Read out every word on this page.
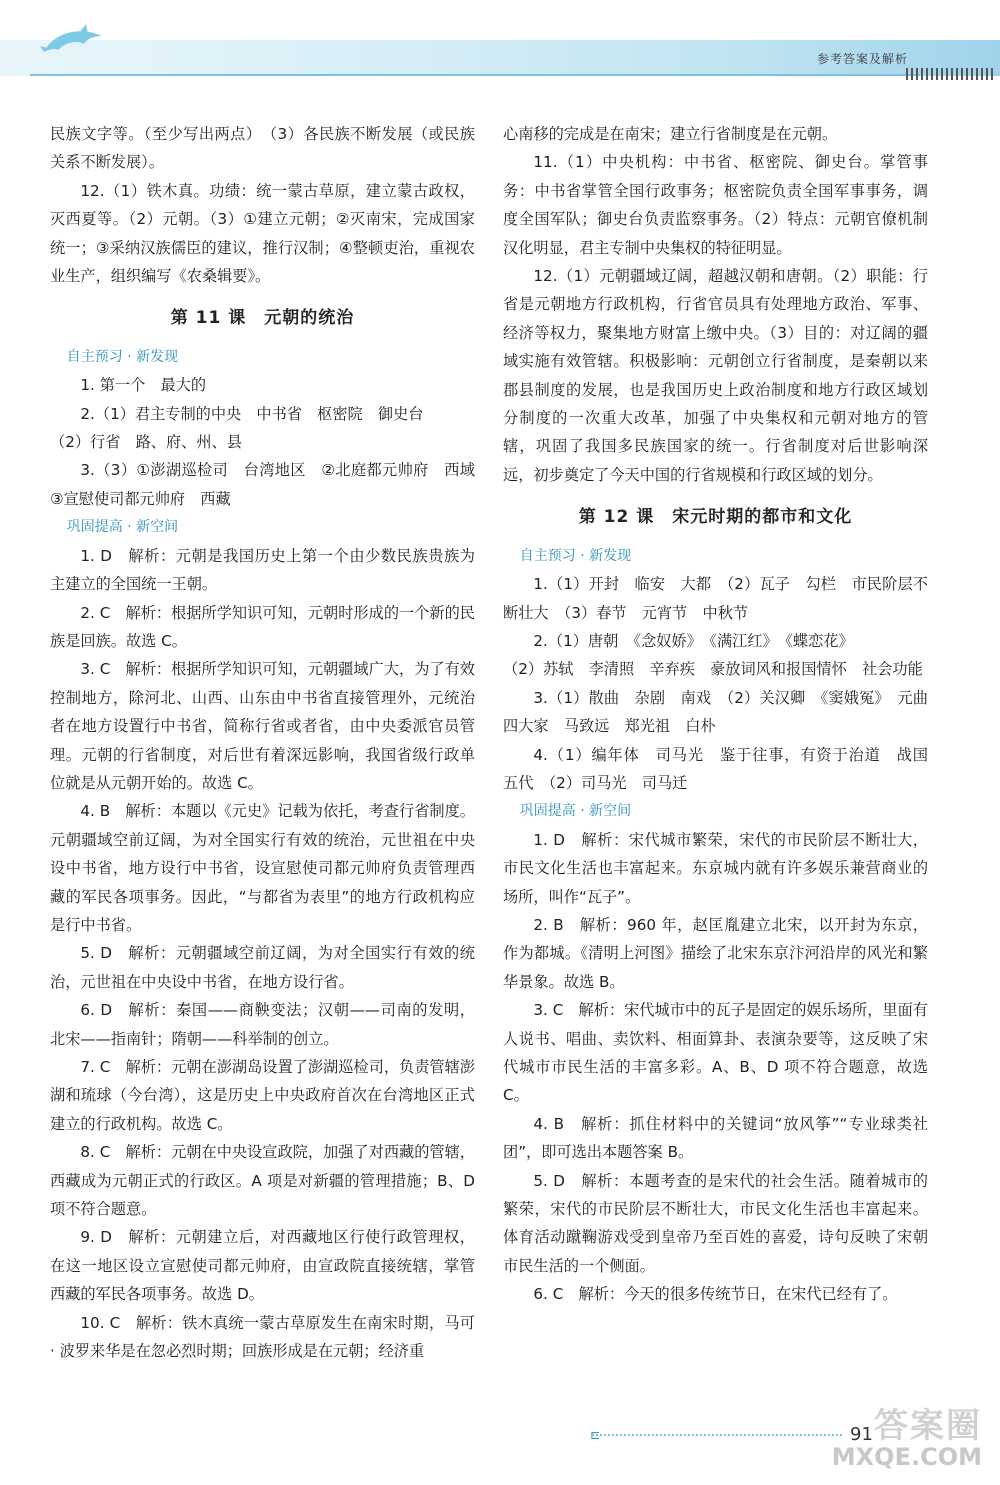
参考答案及解析

民族文字等。（至少写出两点）　（3）各民族不断发展（或民族关系不断发展）。

12.（1）铁木真。功绩：统一蒙古草原，建立蒙古政权，灭西夏等。（2）元朝。（3）①建立元朝；②灭南宋，完成国家统一；③采纳汉族儒臣的建议，推行汉制；④整顿吏治，重视农业生产，组织编写《农桑辑要》。

第 11 课　元朝的统治
自主预习 · 新发现

1. 第一个　最大的

2.（1）君主专制的中央　中书省　枢密院　御史台

（2）行省　路、府、州、县

3.（3）①澎湖巡检司　台湾地区　②北庭都元帅府　西域　③宣慰使司都元帅府　西藏

巩固提高 · 新空间

1. D　解析：元朝是我国历史上第一个由少数民族贵族为主建立的全国统一王朝。

2. C　解析：根据所学知识可知，元朝时形成的一个新的民族是回族。故选 C。

3. C　解析：根据所学知识可知，元朝疆域广大，为了有效控制地方，除河北、山西、山东由中书省直接管理外，元统治者在地方设置行中书省，简称行省或者省，由中央委派官员管理。元朝的行省制度，对后世有着深远影响，我国省级行政单位就是从元朝开始的。故选 C。

4. B　解析：本题以《元史》记载为依托，考查行省制度。元朝疆域空前辽阔，为对全国实行有效的统治，元世祖在中央设中书省，地方设行中书省，设宣慰使司都元帅府负责管理西藏的军民各项事务。因此，“与都省为表里”的地方行政机构应是行中书省。

5. D　解析：元朝疆域空前辽阔，为对全国实行有效的统治，元世祖在中央设中书省，在地方设行省。

6. D　解析：秦国——商鞅变法；汉朝——司南的发明，北宋——指南针；隋朝——科举制的创立。

7. C　解析：元朝在澎湖岛设置了澎湖巡检司，负责管辖澎湖和琉球（今台湾），这是历史上中央政府首次在台湾地区正式建立的行政机构。故选 C。

8. C　解析：元朝在中央设宣政院，加强了对西藏的管辖，西藏成为元朝正式的行政区。A 项是对新疆的管理措施；B、D 项不符合题意。

9. D　解析：元朝建立后，对西藏地区行使行政管理权，在这一地区设立宣慰使司都元帅府，由宣政院直接统辖，掌管西藏的军民各项事务。故选 D。

10. C　解析：铁木真统一蒙古草原发生在南宋时期，马可 · 波罗来华是在忽必烈时期；回族形成是在元朝；经济重

心南移的完成是在南宋；建立行省制度是在元朝。

11.（1）中央机构：中书省、枢密院、御史台。掌管事务：中书省掌管全国行政事务；枢密院负责全国军事事务，调度全国军队；御史台负责监察事务。（2）特点：元朝官僚机制汉化明显，君主专制中央集权的特征明显。

12.（1）元朝疆域辽阔，超越汉朝和唐朝。（2）职能：行省是元朝地方行政机构，行省官员具有处理地方政治、军事、经济等权力，聚集地方财富上缴中央。（3）目的：对辽阔的疆域实施有效管辖。积极影响：元朝创立行省制度，是秦朝以来郡县制度的发展，也是我国历史上政治制度和地方行政区域划分制度的一次重大改革，加强了中央集权和元朝对地方的管辖，巩固了我国多民族国家的统一。行省制度对后世影响深远，初步奠定了今天中国的行省规模和行政区域的划分。

第 12 课　宋元时期的都市和文化
自主预习 · 新发现

1.（1）开封　临安　大都　（2）瓦子　勾栏　市民阶层不断壮大　（3）春节　元宵节　中秋节

2.（1）唐朝　《念奴娇》　《满江红》　《蝶恋花》

（2）苏轼　李清照　辛弃疾　豪放词风和报国情怀　社会功能

3.（1）散曲　杂剧　南戏　（2）关汉卿　《窦娥冤》　元曲四大家　马致远　郑光祖　白朴

4.（1）编年体　司马光　鉴于往事，有资于治道　战国　五代　（2）司马光　司马迁

巩固提高 · 新空间

1. D　解析：宋代城市繁荣，宋代的市民阶层不断壮大，市民文化生活也丰富起来。东京城内就有许多娱乐兼营商业的场所，叫作“瓦子”。

2. B　解析：960 年，赵匡胤建立北宋，以开封为东京，作为都城。《清明上河图》描绘了北宋东京汴河沿岸的风光和繁华景象。故选 B。

3. C　解析：宋代城市中的瓦子是固定的娱乐场所，里面有人说书、唱曲、卖饮料、相面算卦、表演杂要等，这反映了宋代城市市民生活的丰富多彩。A、B、D 项不符合题意，故选 C。

4. B　解析：抓住材料中的关键词“放风筝”“专业球类社团”，即可选出本题答案 B。

5. D　解析：本题考查的是宋代的社会生活。随着城市的繁荣，宋代的市民阶层不断壮大，市民文化生活也丰富起来。体育活动蹴鞠游戏受到皇帝乃至百姓的喜爱，诗句反映了宋朝市民生活的一个侧面。

6. C　解析：今天的很多传统节日，在宋代已经有了。

⊏	91 答案圈
MXQE.COM
